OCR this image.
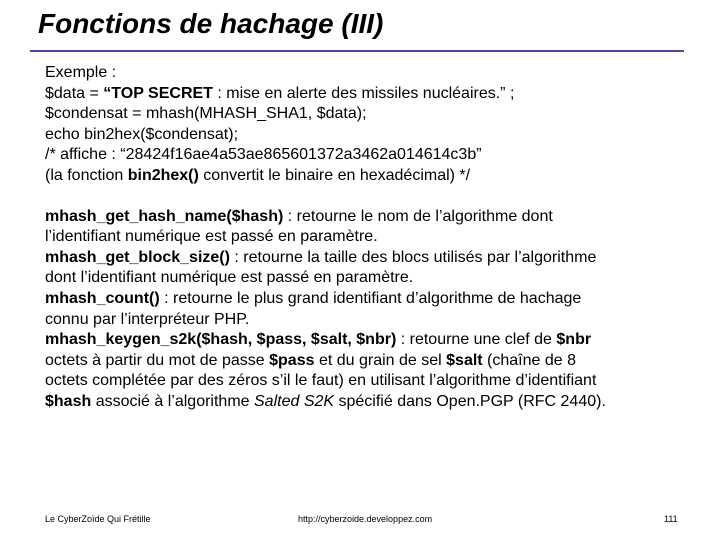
Fonctions de hachage (III)
Exemple :
$data = “TOP SECRET : mise en alerte des missiles nucléaires.” ;
$condensat = mhash(MHASH_SHA1, $data);
echo bin2hex($condensat);
/* affiche : “28424f16ae4a53ae865601372a3462a014614c3b”
(la fonction bin2hex() convertit le binaire en hexadécimal) */
mhash_get_hash_name($hash) : retourne le nom de l’algorithme dont
l’identifiant numérique est passé en paramètre.
mhash_get_block_size() : retourne la taille des blocs utilisés par l’algorithme
dont l’identifiant numérique est passé en paramètre.
mhash_count() : retourne le plus grand identifiant d’algorithme de hachage
connu par l’interpréteur PHP.
mhash_keygen_s2k($hash, $pass, $salt, $nbr) : retourne une clef de $nbr
octets à partir du mot de passe $pass et du grain de sel $salt (chaîne de 8
octets complétée par des zéros s’il le faut) en utilisant l’algorithme d’identifiant
$hash associé à l’algorithme Salted S2K spécifié dans Open.PGP (RFC 2440).
Le CyberZoïde Qui Frétille	http://cyberzoide.developpez.com	111
